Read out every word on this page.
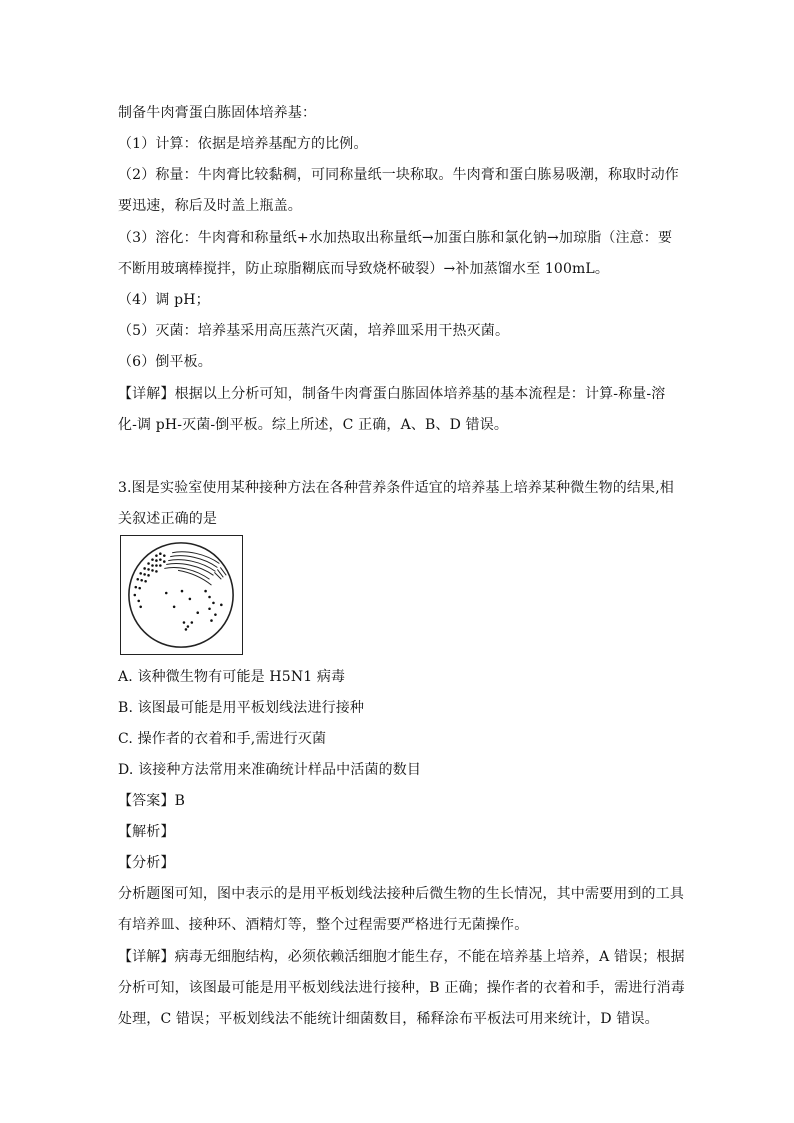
制备牛肉膏蛋白胨固体培养基：
（1）计算：依据是培养基配方的比例。
（2）称量：牛肉膏比较黏稠，可同称量纸一块称取。牛肉膏和蛋白胨易吸潮，称取时动作
要迅速，称后及时盖上瓶盖。
（3）溶化：牛肉膏和称量纸+水加热取出称量纸→加蛋白胨和氯化钠→加琼脂（注意：要
不断用玻璃棒搅拌，防止琼脂糊底而导致烧杯破裂）→补加蒸馏水至 100mL。
（4）调 pH；
（5）灭菌：培养基采用高压蒸汽灭菌，培养皿采用干热灭菌。
（6）倒平板。
【详解】根据以上分析可知，制备牛肉膏蛋白胨固体培养基的基本流程是：计算-称量-溶
化-调 pH-灭菌-倒平板。综上所述，C 正确，A、B、D 错误。
3.图是实验室使用某种接种方法在各种营养条件适宜的培养基上培养某种微生物的结果,相
关叙述正确的是
A. 该种微生物有可能是 H5N1 病毒
B. 该图最可能是用平板划线法进行接种
C. 操作者的衣着和手,需进行灭菌
D. 该接种方法常用来准确统计样品中活菌的数目
【答案】B
【解析】
【分析】
分析题图可知，图中表示的是用平板划线法接种后微生物的生长情况，其中需要用到的工具
有培养皿、接种环、酒精灯等，整个过程需要严格进行无菌操作。
【详解】病毒无细胞结构，必须依赖活细胞才能生存，不能在培养基上培养，A 错误；根据
分析可知，该图最可能是用平板划线法进行接种，B 正确；操作者的衣着和手，需进行消毒
处理，C 错误；平板划线法不能统计细菌数目，稀释涂布平板法可用来统计，D 错误。
